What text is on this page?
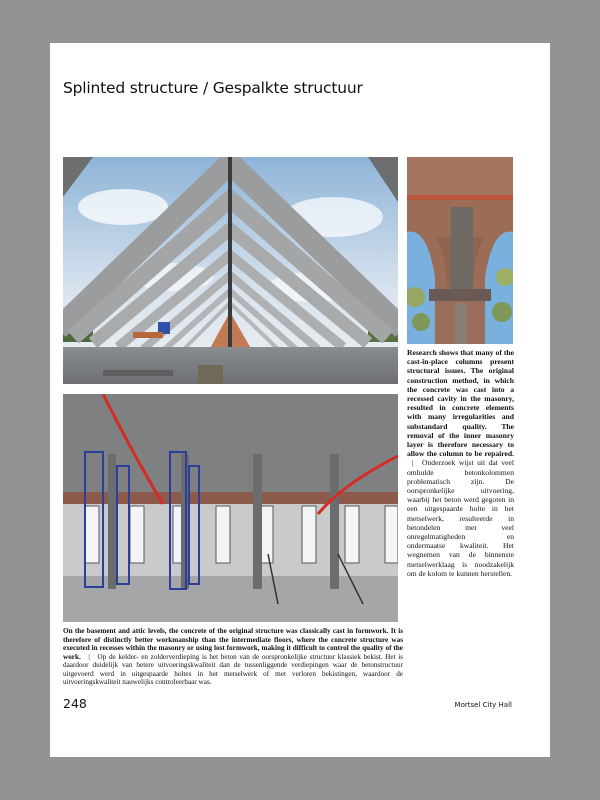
Splinted structure / Gespalkte structuur
Research shows that many of the cast-in-place columns present structural issues. The original construction method, in which the concrete was cast into a recessed cavity in the masonry, resulted in concrete elements with many irregularities and substandard quality. The removal of the inner masonry layer is therefore necessary to allow the column to be repaired. | Onderzoek wijst uit dat veel omhulde betonkolommen problematisch zijn. De oorspronkelijke uitvoering, waarbij het beton werd gegoten in een uitgespaarde holte in het metselwerk, resulteerde in betondelen met veel onregelmatigheden en ondermaatse kwaliteit. Het wegnemen van de binnenste metselwerklaag is noodzakelijk om de kolom te kunnen herstellen.
On the basement and attic levels, the concrete of the original structure was classically cast in formwork. It is therefore of distinctly better workmanship than the intermediate floors, where the concrete structure was executed in recesses within the masonry or using lost formwork, making it difficult to control the quality of the work. | Op de kelder- en zolderverdieping is het beton van de oorspronkelijke structuur klassiek bekist. Het is daardoor duidelijk van betere uitvoeringskwaliteit dan de tussenliggende verdiepingen waar de betonstructuur uitgevoerd werd in uitgespaarde holtes in het metselwerk of met verloren bekistingen, waardoor de uitvoeringskwaliteit nauwelijks controleerbaar was.
248	Mortsel City Hall
